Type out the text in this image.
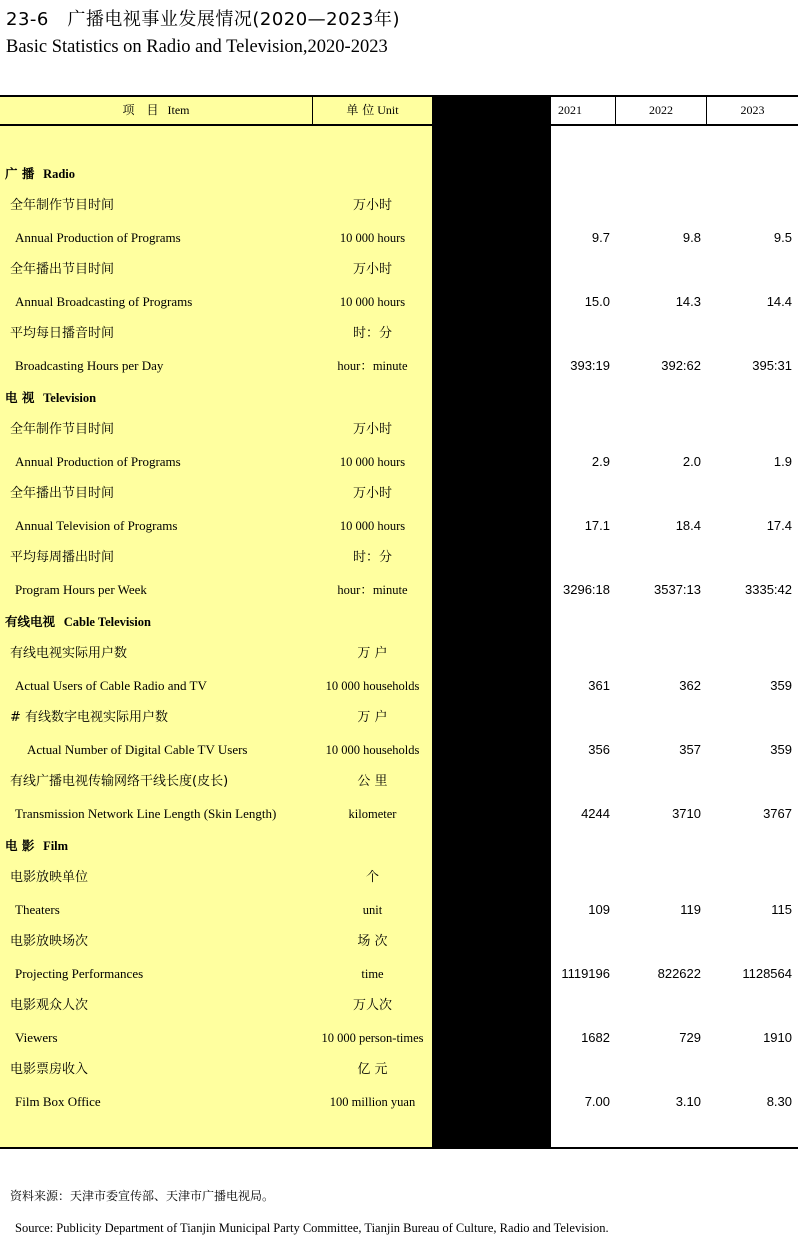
23-6　广播电视事业发展情况(2020—2023年)
Basic Statistics on Radio and Television,2020-2023
项　目 Item	单 位 Unit	2020	2021	2022	2023
广 播 Radio
全年制作节目时间	万小时
Annual Production of Programs	10 000 hours	9.7	9.7	9.8	9.5
全年播出节目时间	万小时
Annual Broadcasting of Programs	10 000 hours	14.2	15.0	14.3	14.4
平均每日播音时间	时：分
Broadcasting Hours per Day	hour：minute	388:38	393:19	392:62	395:31
电 视 Television
全年制作节目时间	万小时
Annual Production of Programs	10 000 hours	1.7	2.9	2.0	1.9
全年播出节目时间	万小时
Annual Television of Programs	10 000 hours	14.6	17.1	18.4	17.4
平均每周播出时间	时：分
Program Hours per Week	hour：minute	2811:10	3296:18	3537:13	3335:42
有线电视 Cable Television
有线电视实际用户数	万 户
Actual Users of Cable Radio and TV	10 000 households	359	361	362	359
# 有线数字电视实际用户数	万 户
Actual Number of Digital Cable TV Users	10 000 households	354	356	357	359
有线广播电视传输网络干线长度(皮长)	公 里
Transmission Network Line Length (Skin Length)	kilometer	4227	4244	3710	3767
电 影 Film
电影放映单位	个
Theaters	unit	123	109	119	115
电影放映场次	场 次
Projecting Performances	time	624539	1119196	822622	1128564
电影观众人次	万人次
Viewers	10 000 person-times	770	1682	729	1910
电影票房收入	亿 元
Film Box Office	100 million yuan	2.89	7.00	3.10	8.30
资料来源：天津市委宣传部、天津市广播电视局。
Source: Publicity Department of Tianjin Municipal Party Committee, Tianjin Bureau of Culture, Radio and Television.
